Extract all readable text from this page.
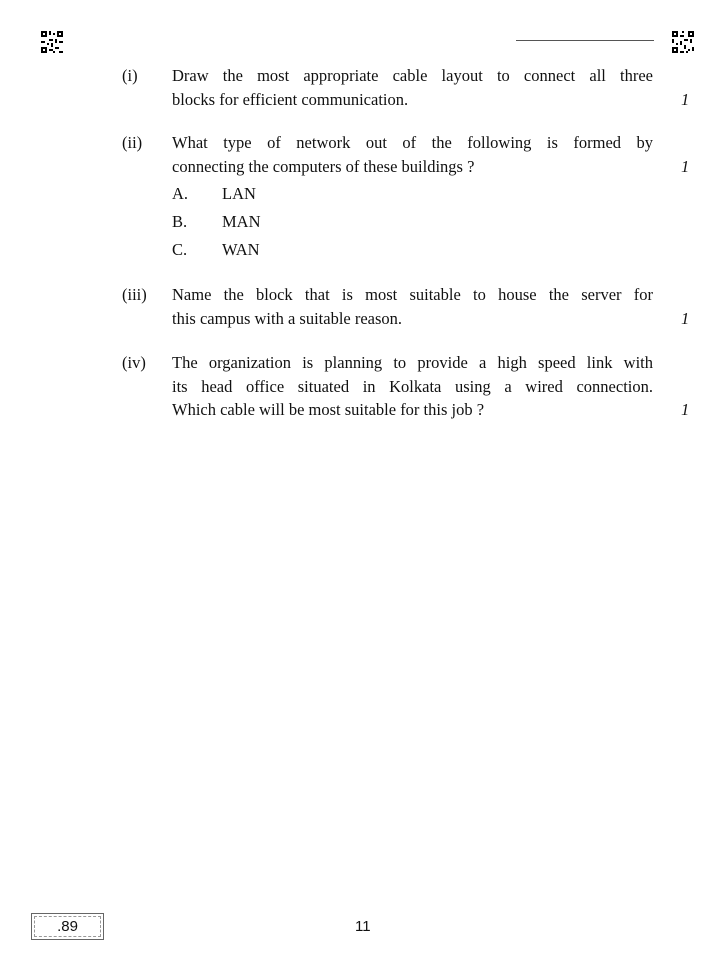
(i) Draw the most appropriate cable layout to connect all three
blocks for efficient communication.	1
(ii) What type of network out of the following is formed by
connecting the computers of these buildings ?	1
A. LAN
B. MAN
C. WAN
(iii) Name the block that is most suitable to house the server for
this campus with a suitable reason.	1
(iv) The organization is planning to provide a high speed link with
its head office situated in Kolkata using a wired connection.
Which cable will be most suitable for this job ?	1
.89	11
